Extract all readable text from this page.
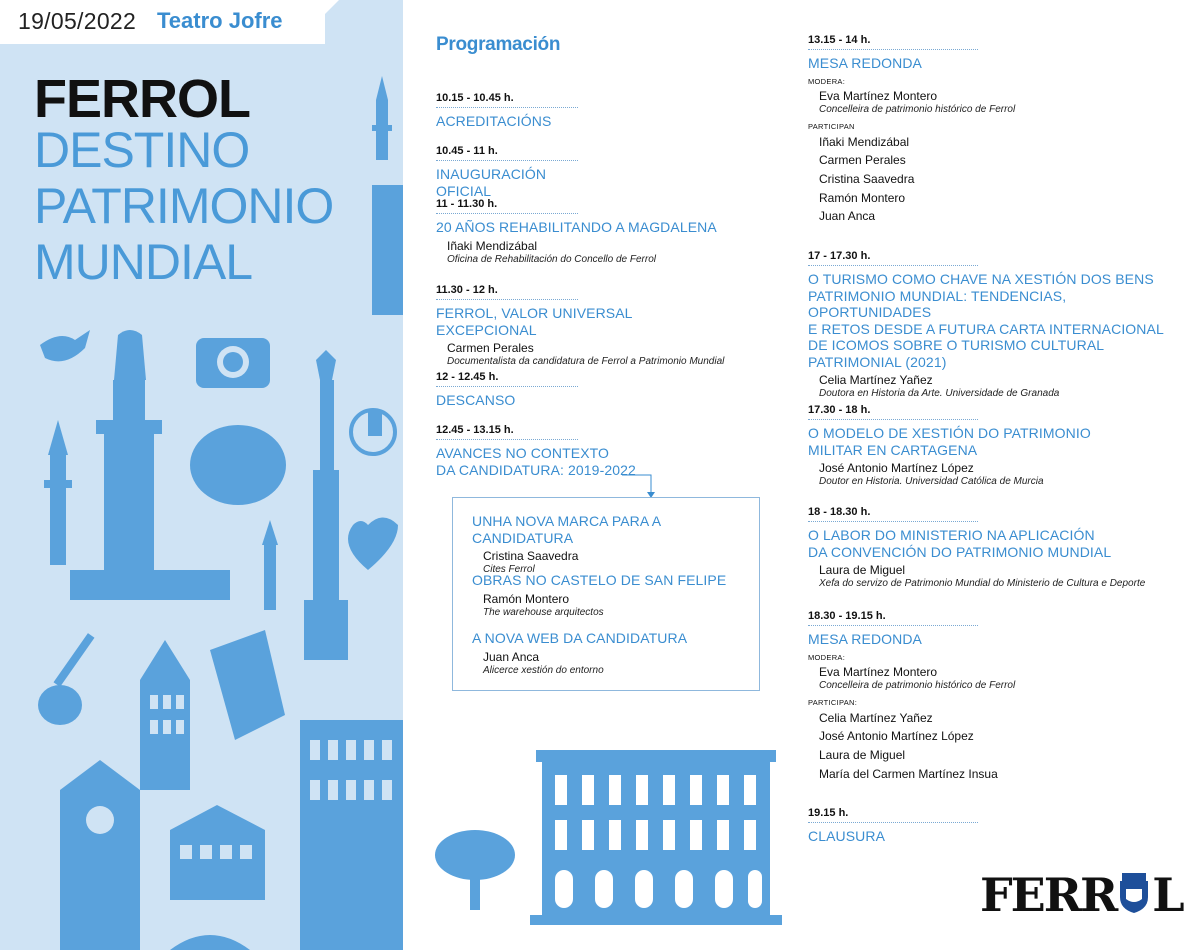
19/05/2022 Teatro Jofre
FERROL
DESTINO
PATRIMONIO
MUNDIAL
Programación
10.15 - 10.45 h.
ACREDITACIÓNS
10.45 - 11 h.
INAUGURACIÓN OFICIAL
11 - 11.30 h.
20 AÑOS REHABILITANDO A MAGDALENA
Iñaki Mendizábal
Oficina de Rehabilitación do Concello de Ferrol
11.30 - 12 h.
FERROL, VALOR UNIVERSAL EXCEPCIONAL
Carmen Perales
Documentalista da candidatura de Ferrol a Patrimonio Mundial
12 - 12.45 h.
DESCANSO
12.45 - 13.15 h.
AVANCES NO CONTEXTO
DA CANDIDATURA: 2019-2022
UNHA NOVA MARCA PARA A CANDIDATURA
Cristina Saavedra
Cites Ferrol
OBRAS NO CASTELO DE SAN FELIPE
Ramón Montero
The warehouse arquitectos
A NOVA WEB DA CANDIDATURA
Juan Anca
Alicerce xestión do entorno
13.15 - 14 h.
MESA REDONDA
MODERA:
Eva Martínez Montero
Concelleira de patrimonio histórico de Ferrol
PARTICIPAN
Iñaki Mendizábal
Carmen Perales
Cristina Saavedra
Ramón Montero
Juan Anca
17 - 17.30 h.
O TURISMO COMO CHAVE NA XESTIÓN DOS BENS
PATRIMONIO MUNDIAL: TENDENCIAS, OPORTUNIDADES
E RETOS DESDE A FUTURA CARTA INTERNACIONAL
DE ICOMOS SOBRE O TURISMO CULTURAL
PATRIMONIAL (2021)
Celia Martínez Yañez
Doutora en Historia da Arte. Universidade de Granada
17.30 - 18 h.
O MODELO DE XESTIÓN DO PATRIMONIO
MILITAR EN CARTAGENA
José Antonio Martínez López
Doutor en Historia. Universidad Católica de Murcia
18 - 18.30 h.
O LABOR DO MINISTERIO NA APLICACIÓN
DA CONVENCIÓN DO PATRIMONIO MUNDIAL
Laura de Miguel
Xefa do servizo de Patrimonio Mundial do Ministerio de Cultura e Deporte
18.30 - 19.15 h.
MESA REDONDA
MODERA:
Eva Martínez Montero
Concelleira de patrimonio histórico de Ferrol
PARTICIPAN:
Celia Martínez Yañez
José Antonio Martínez López
Laura de Miguel
María del Carmen Martínez Insua
19.15 h.
CLAUSURA
FERR L
